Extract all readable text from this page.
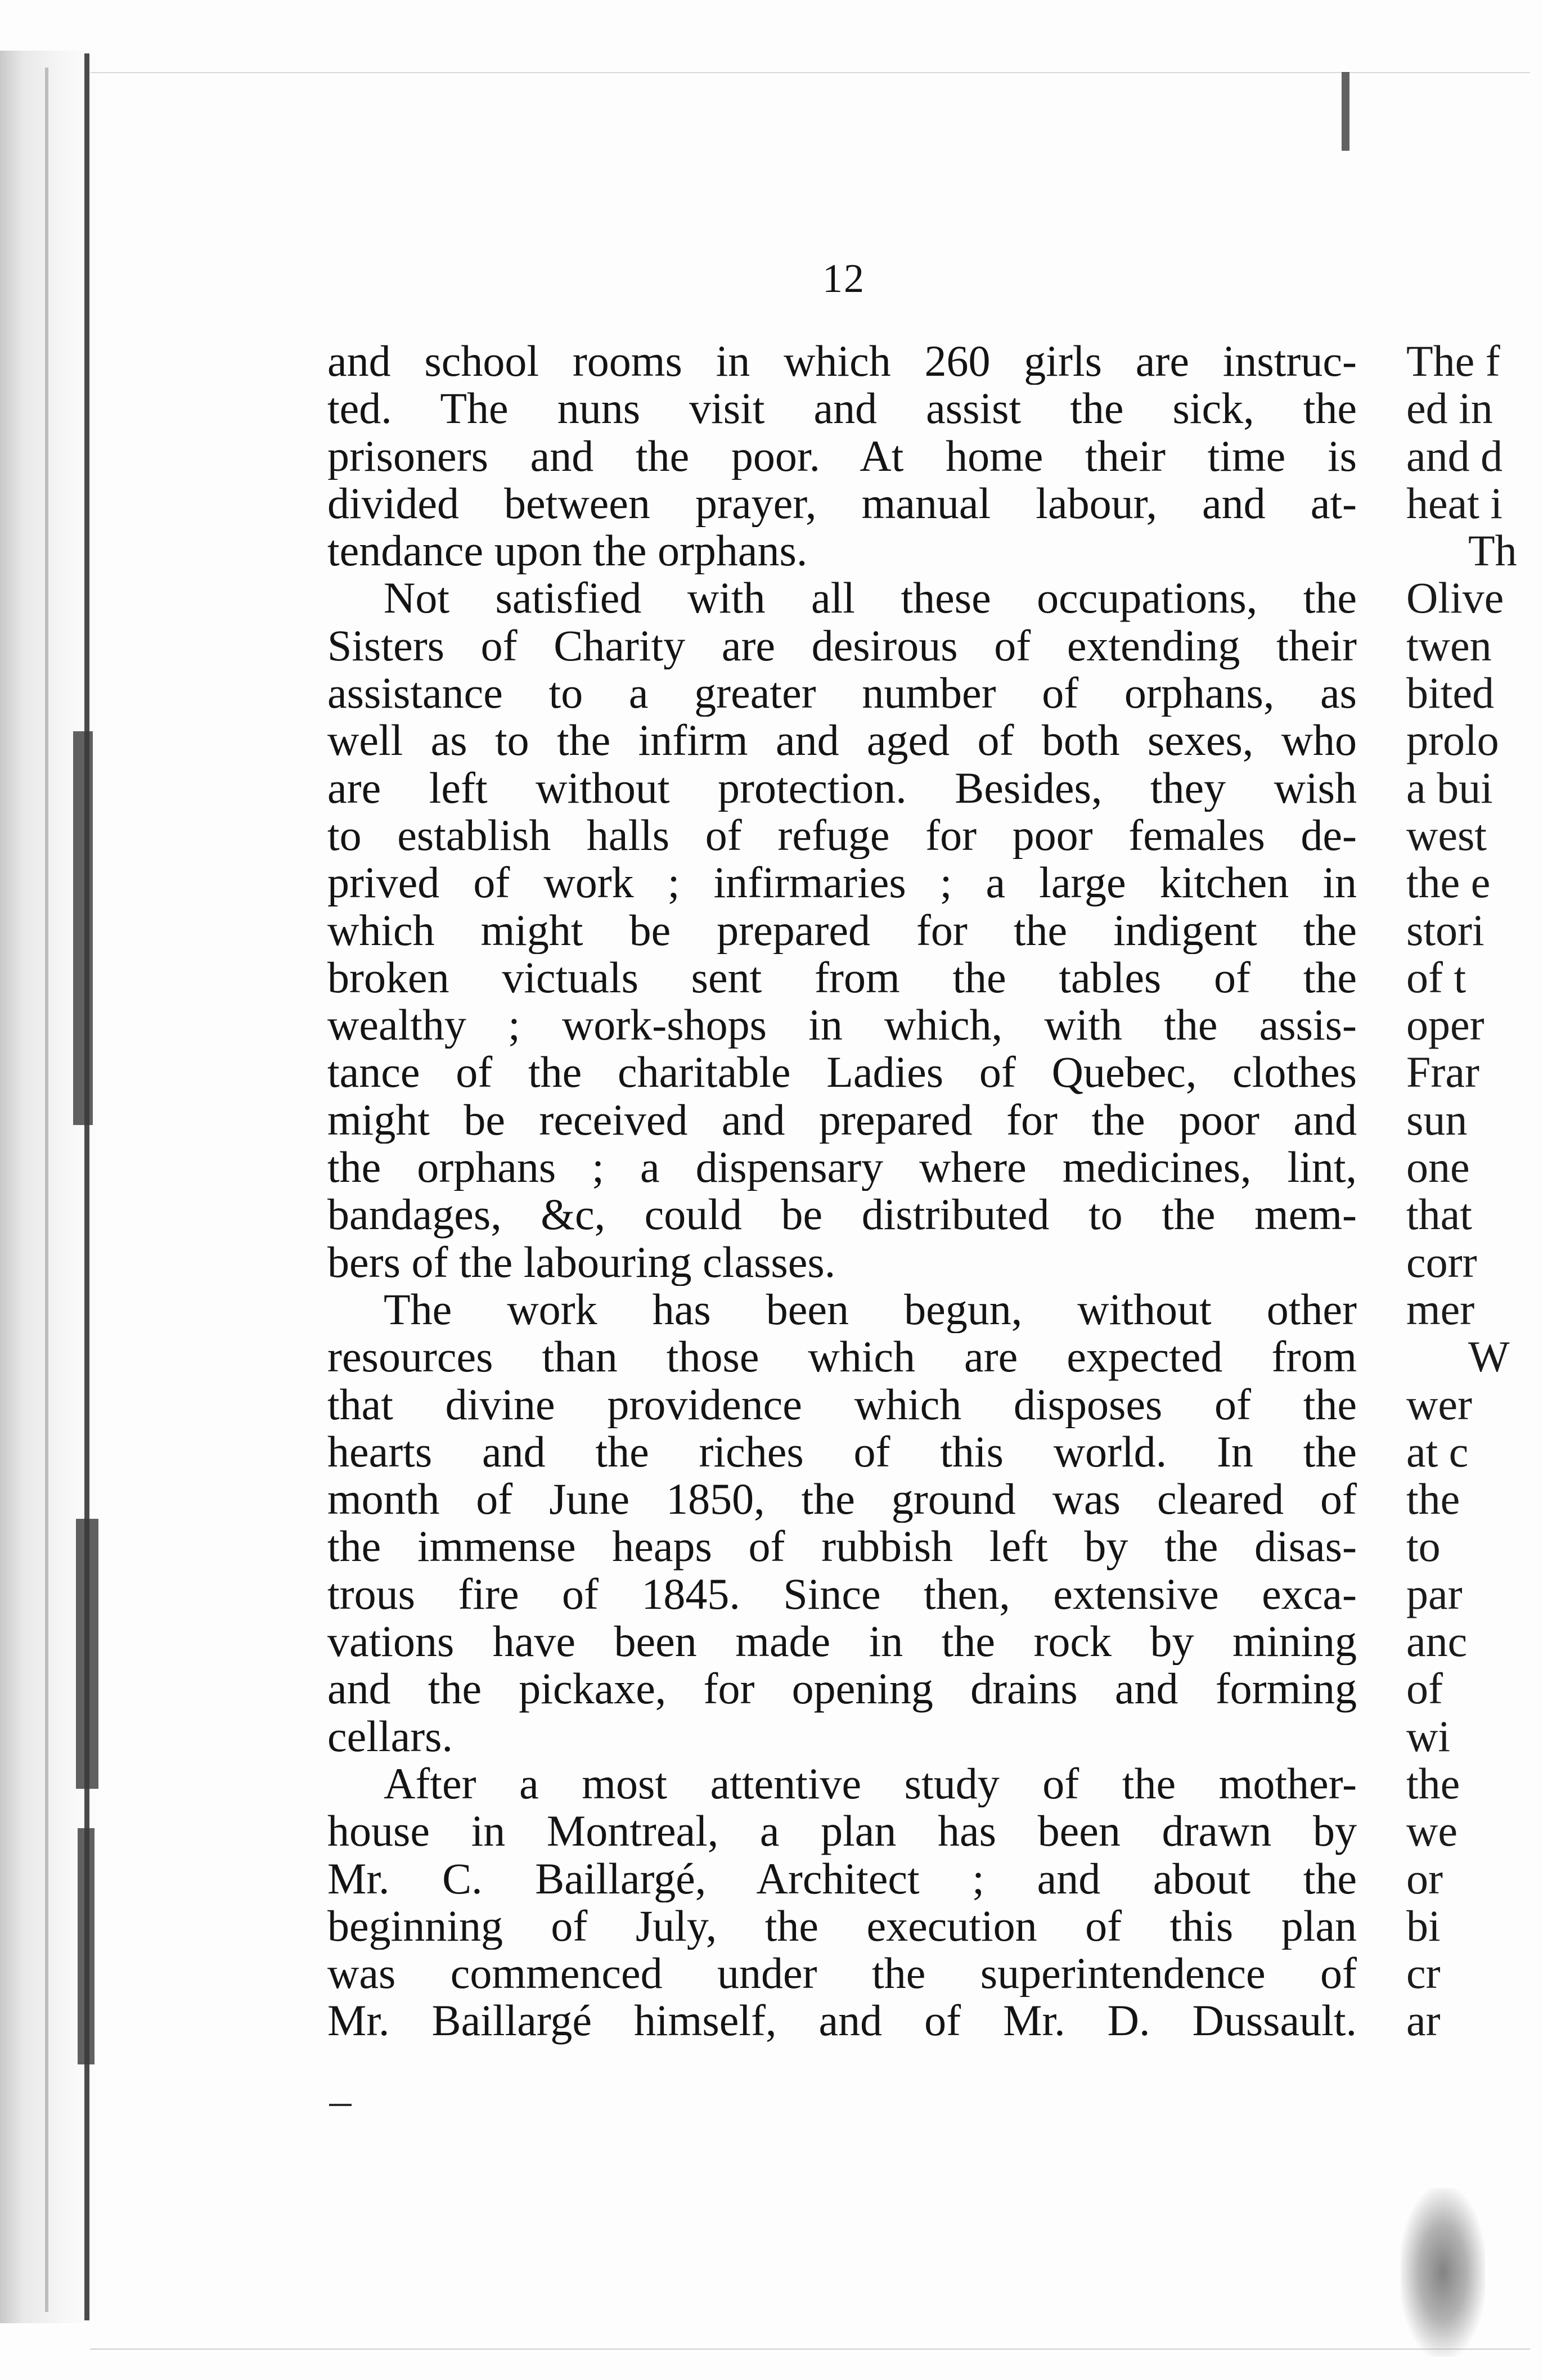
12
and school rooms in which 260 girls are instruc-
ted. The nuns visit and assist the sick, the
prisoners and the poor. At home their time is
divided between prayer, manual labour, and at-
tendance upon the orphans.
Not satisfied with all these occupations, the
Sisters of Charity are desirous of extending their
assistance to a greater number of orphans, as
well as to the infirm and aged of both sexes, who
are left without protection. Besides, they wish
to establish halls of refuge for poor females de-
prived of work ; infirmaries ; a large kitchen in
which might be prepared for the indigent the
broken victuals sent from the tables of the
wealthy ; work-shops in which, with the assis-
tance of the charitable Ladies of Quebec, clothes
might be received and prepared for the poor and
the orphans ; a dispensary where medicines, lint,
bandages, &c, could be distributed to the mem-
bers of the labouring classes.
The work has been begun, without other
resources than those which are expected from
that divine providence which disposes of the
hearts and the riches of this world. In the
month of June 1850, the ground was cleared of
the immense heaps of rubbish left by the disas-
trous fire of 1845. Since then, extensive exca-
vations have been made in the rock by mining
and the pickaxe, for opening drains and forming
cellars.
After a most attentive study of the mother-
house in Montreal, a plan has been drawn by
Mr. C. Baillargé, Architect ; and about the
beginning of July, the execution of this plan
was commenced under the superintendence of
Mr. Baillargé himself, and of Mr. D. Dussault.
The f
ed in
and d
heat i
Th
Olive
twen
bited
prolo
a bui
west
the e
stori
of t
oper
Frar
sun
one
that
corr
mer
W
wer
at c
the
to
par
anc
of
wi
the
we
or
bi
cr
ar
